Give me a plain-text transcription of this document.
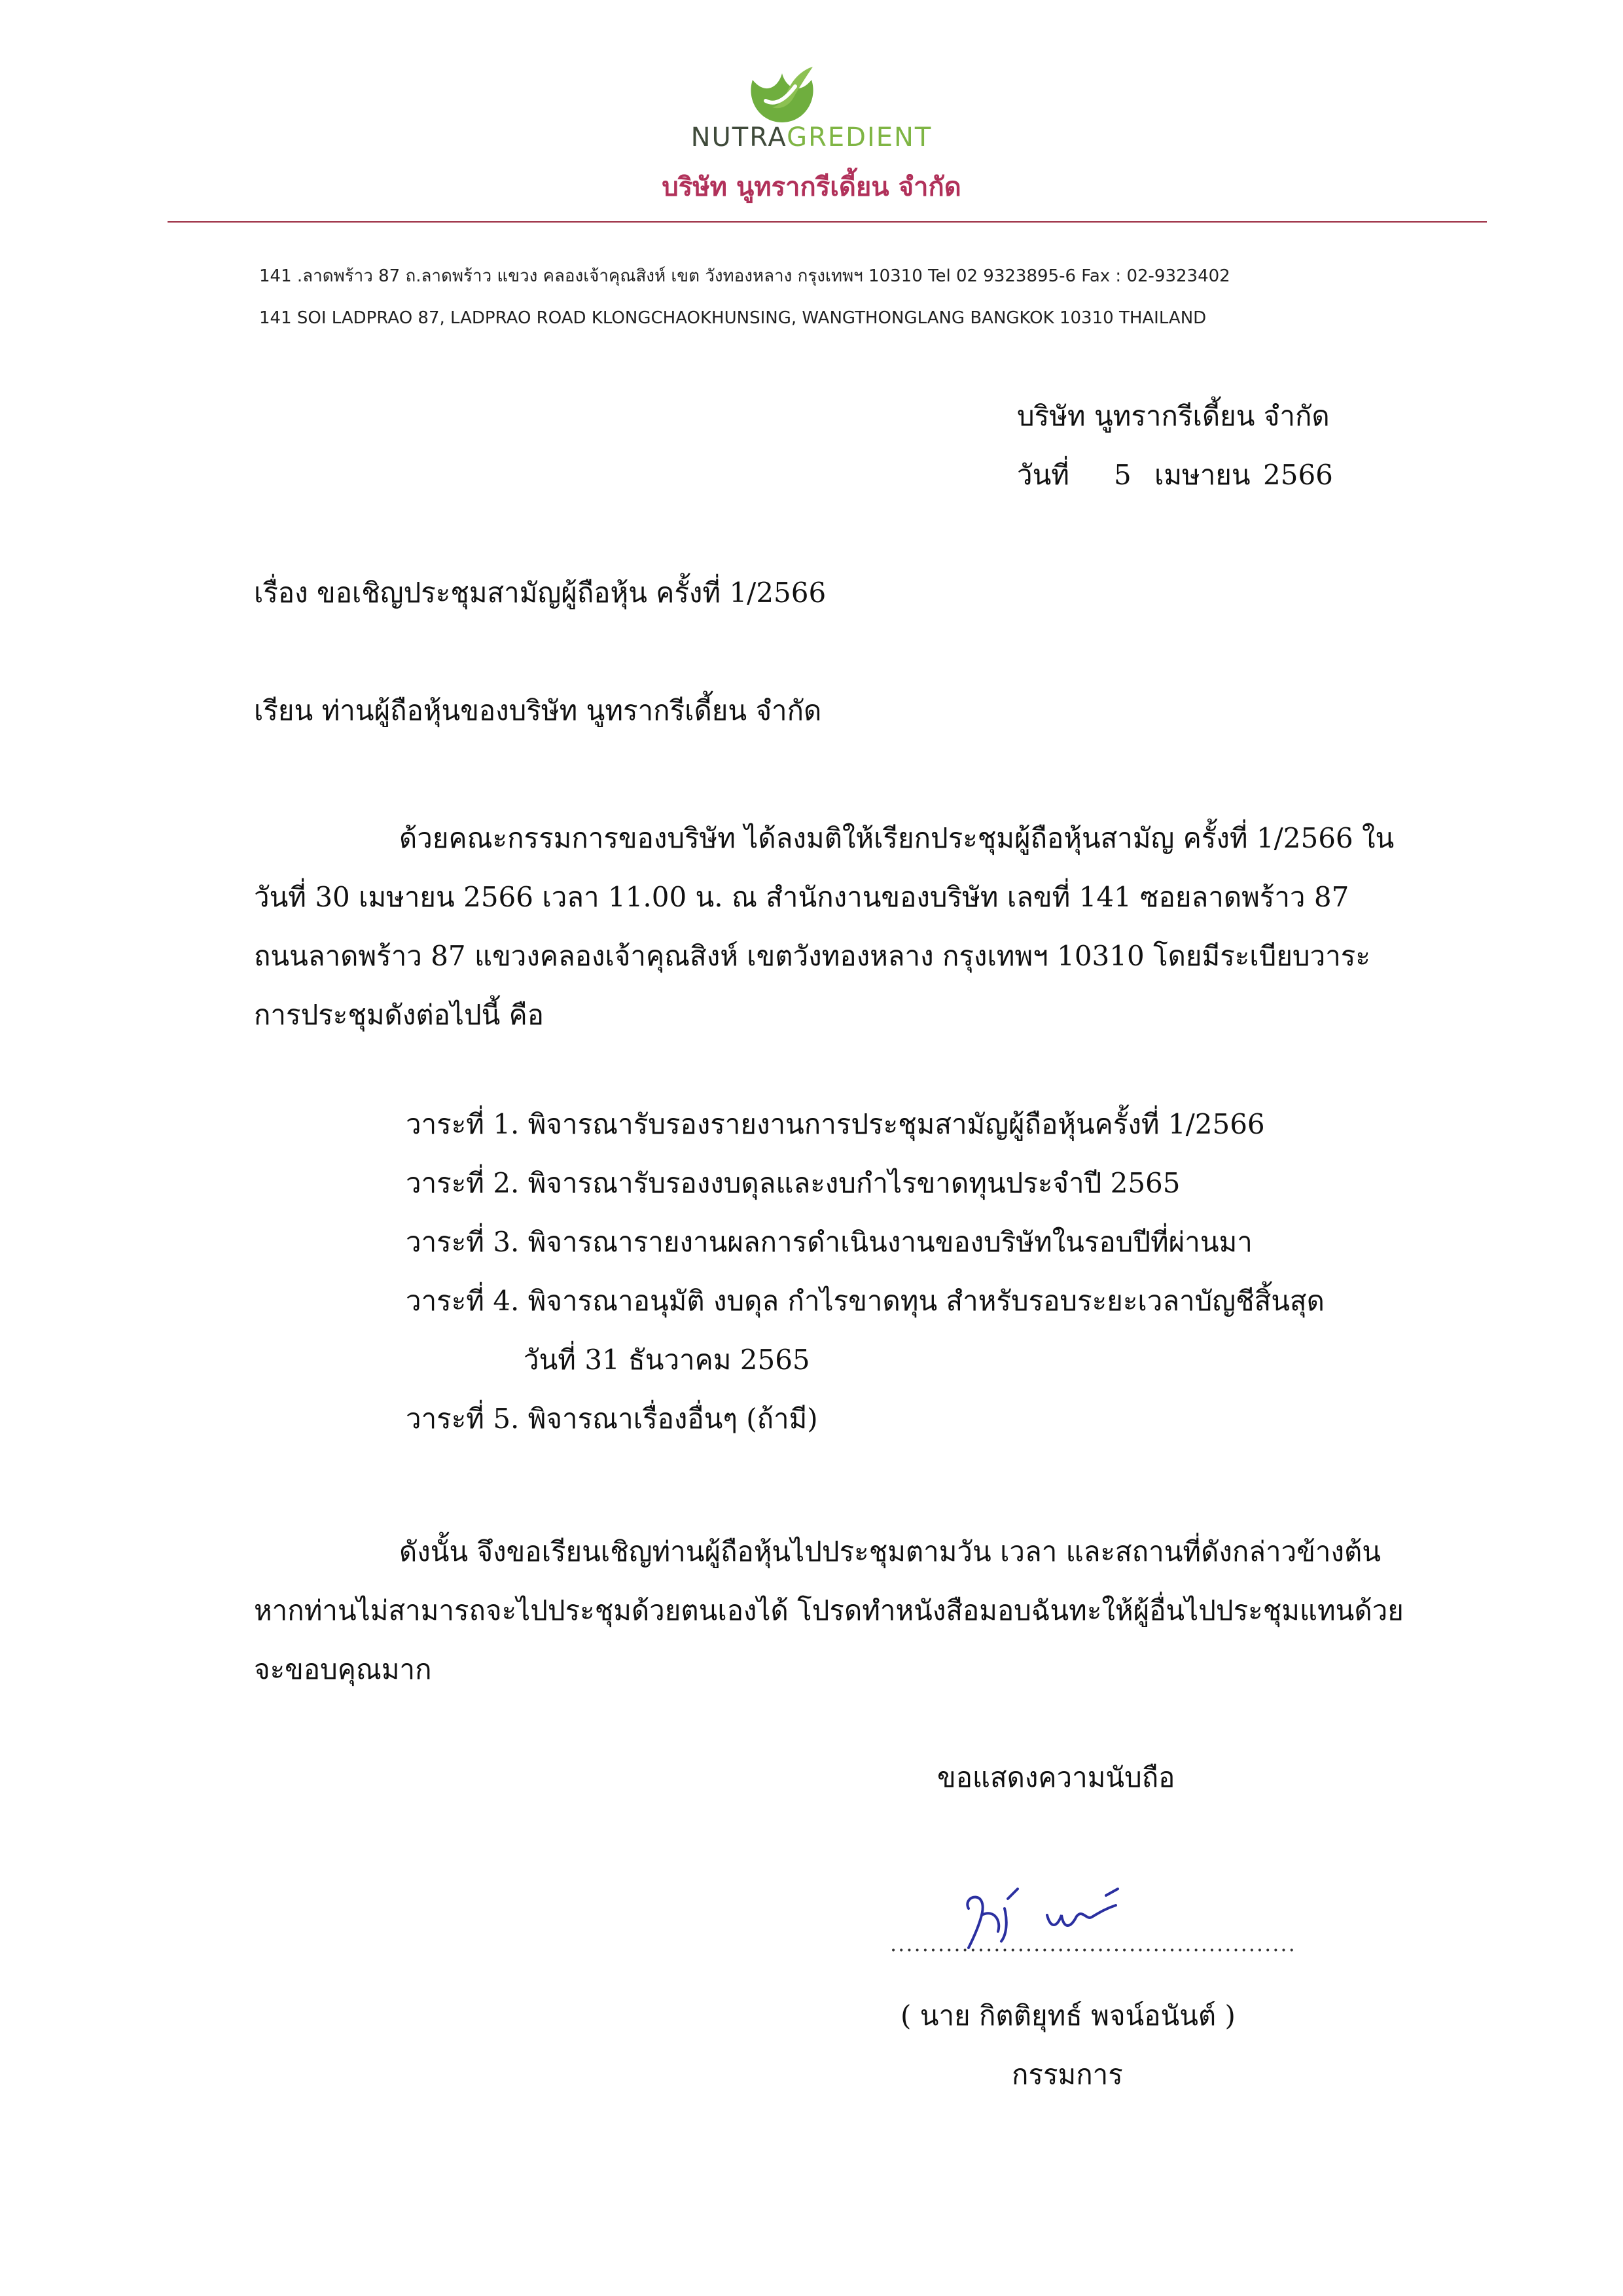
NUTRAGREDIENT
บริษัท นูทรากรีเดี้ยน จำกัด
141 .ลาดพร้าว 87 ถ.ลาดพร้าว แขวง คลองเจ้าคุณสิงห์ เขต วังทองหลาง กรุงเทพฯ 10310 Tel 02 9323895-6 Fax : 02-9323402
141 SOI LADPRAO 87, LADPRAO ROAD KLONGCHAOKHUNSING, WANGTHONGLANG BANGKOK 10310 THAILAND
บริษัท นูทรากรีเดี้ยน จำกัด
วันที่ 5 เมษายน 2566
เรื่อง ขอเชิญประชุมสามัญผู้ถือหุ้น ครั้งที่ 1/2566
เรียน ท่านผู้ถือหุ้นของบริษัท นูทรากรีเดี้ยน จำกัด
ด้วยคณะกรรมการของบริษัท ได้ลงมติให้เรียกประชุมผู้ถือหุ้นสามัญ ครั้งที่ 1/2566 ในวันที่ 30 เมษายน 2566 เวลา 11.00 น. ณ สำนักงานของบริษัท เลขที่ 141 ซอยลาดพร้าว 87 ถนนลาดพร้าว 87 แขวงคลองเจ้าคุณสิงห์ เขตวังทองหลาง กรุงเทพฯ 10310 โดยมีระเบียบวาระการประชุมดังต่อไปนี้ คือ
วาระที่ 1. พิจารณารับรองรายงานการประชุมสามัญผู้ถือหุ้นครั้งที่ 1/2566
วาระที่ 2. พิจารณารับรองงบดุลและงบกำไรขาดทุนประจำปี 2565
วาระที่ 3. พิจารณารายงานผลการดำเนินงานของบริษัทในรอบปีที่ผ่านมา
วาระที่ 4. พิจารณาอนุมัติ งบดุล กำไรขาดทุน สำหรับรอบระยะเวลาบัญชีสิ้นสุด
วันที่ 31 ธันวาคม 2565
วาระที่ 5. พิจารณาเรื่องอื่นๆ (ถ้ามี)
ดังนั้น จึงขอเรียนเชิญท่านผู้ถือหุ้นไปประชุมตามวัน เวลา และสถานที่ดังกล่าวข้างต้น หากท่านไม่สามารถจะไปประชุมด้วยตนเองได้ โปรดทำหนังสือมอบฉันทะให้ผู้อื่นไปประชุมแทนด้วย จะขอบคุณมาก
ขอแสดงความนับถือ
...................................................
( นาย กิตติยุทธ์ พจน์อนันต์ )
กรรมการ
